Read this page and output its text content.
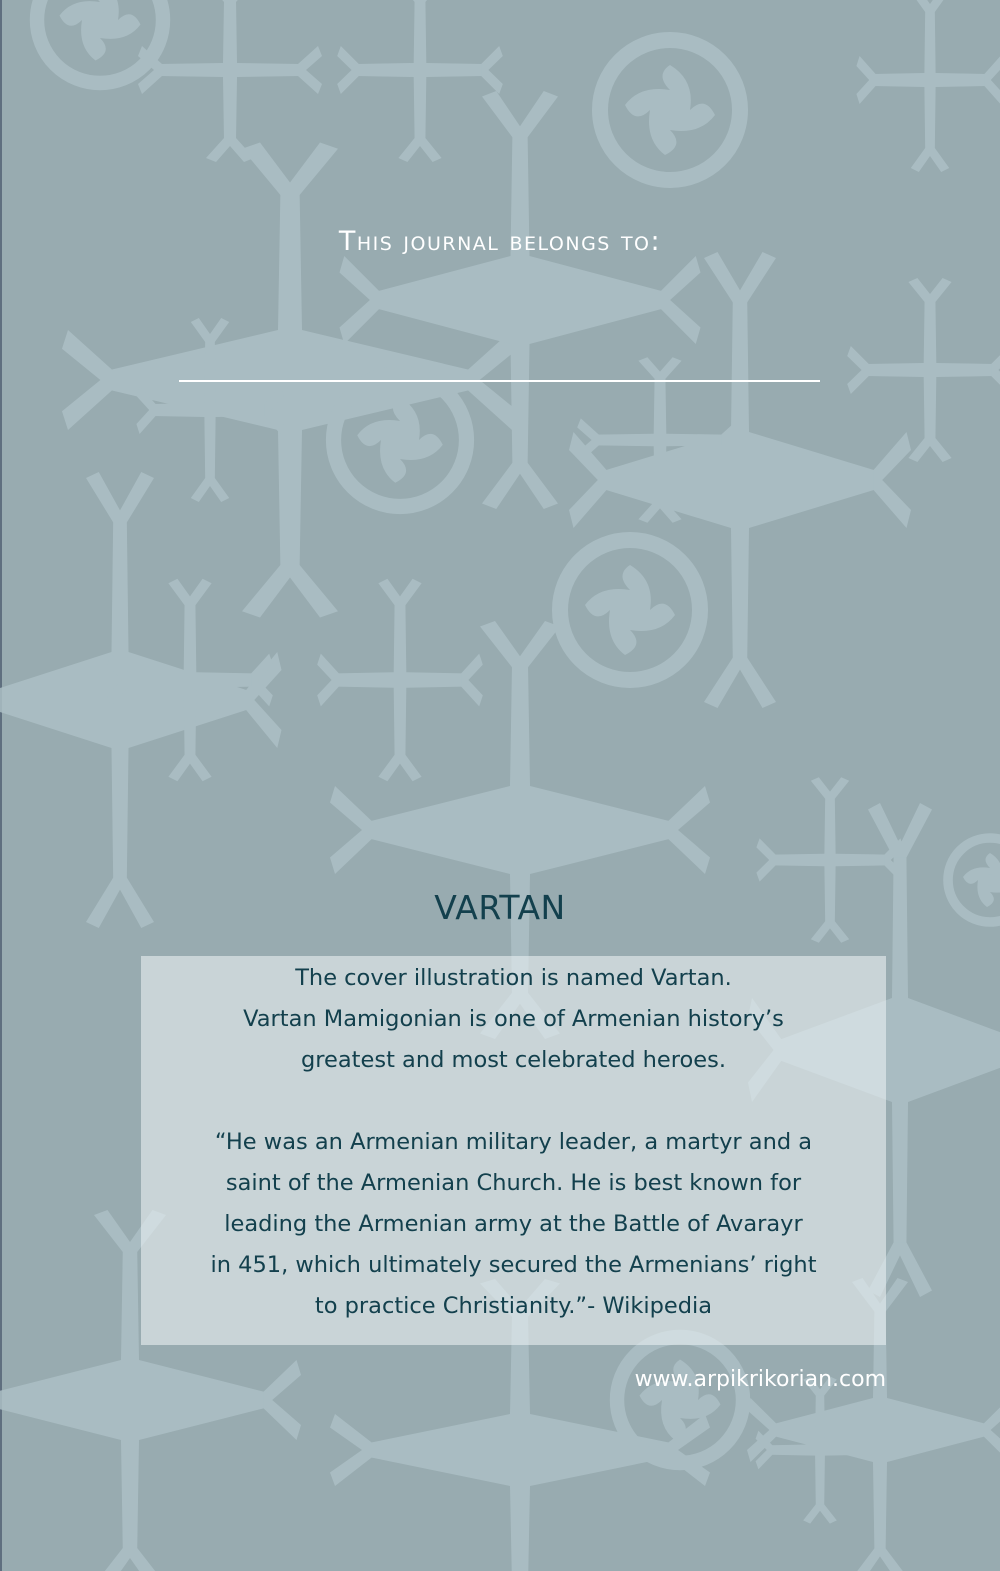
This journal belongs to:
VARTAN

The cover illustration is named Vartan.

Vartan Mamigonian is one of Armenian history’s

greatest and most celebrated heroes.

“He was an Armenian military leader, a martyr and a

saint of the Armenian Church. He is best known for

leading the Armenian army at the Battle of Avarayr

in 451, which ultimately secured the Armenians’ right

to practice Christianity.”- Wikipedia

www.arpikrikorian.com
